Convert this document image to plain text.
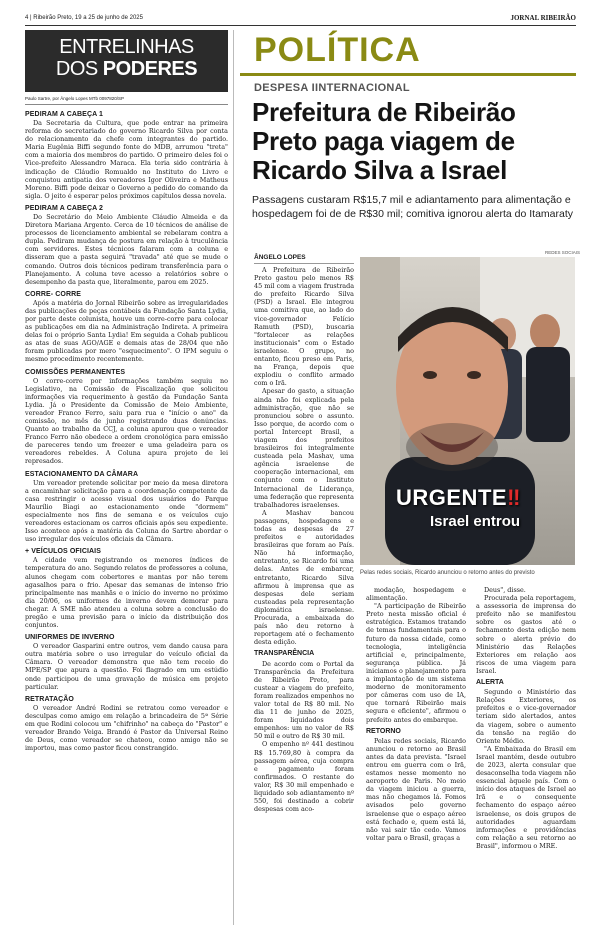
4 | Ribeirão Preto, 19 a 25 de junho de 2025	JORNAL RIBEIRÃO
ENTRELINHAS
DOS PODERES
Paulo Sartre, por Ângelo Lopes MTb 0097820/SP
PEDIRAM A CABEÇA 1

Da Secretaria da Cultura, que pode entrar na primeira reforma do secretariado do governo Ricardo Silva por conta do relacionamento da chefe com integrantes do partido. Maria Eugênia Biffi segundo fonte do MDB, arrumou "treta" com a maioria dos membros do partido. O primeiro deles foi o Vice-prefeito Alessandro Maraca. Ela teria sido contrária à indicação de Cláudio Romualdo no Instituto do Livro e conquistou antipatia dos vereadores Igor Oliveira e Matheus Moreno. Biffi pode deixar o Governo a pedido do comando da sigla. O jeito é esperar pelos próximos capítulos dessa novela.

PEDIRAM A CABEÇA 2

Do Secretário do Meio Ambiente Cláudio Almeida e da Diretora Mariana Argento. Cerca de 10 técnicos de análise de processos de licenciamento ambiental se rebelaram contra a dupla. Pediram mudança de postura em relação à truculência com servidores. Estes técnicos falaram com a coluna e disseram que a pasta seguirá "travada" até que se mude o comando. Outros dois técnicos pediram transferência para o Planejamento. A coluna teve acesso a relatórios sobre o desempenho da pasta que, literalmente, parou em 2025.

CORRE- CORRE

Após a matéria do Jornal Ribeirão sobre as irregularidades das publicações de peças contábeis da Fundação Santa Lydia, por parte deste colunista, houve um corre-corre para colocar as publicações em dia na Administração Indireta. A primeira delas foi o próprio Santa Lydia! Em seguida a Cohab publicou as atas de suas AGO/AGE e demais atas de 28/04 que não foram publicadas por mero "esquecimento". O IPM seguiu o mesmo procedimento recentemente.

COMISSÕES PERMANENTES

O corre-corre por informações também seguiu no Legislativo, na Comissão de Fiscalização que solicitou informações via requerimento à gestão da Fundação Santa Lydia. Já o Presidente da Comissão de Meio Ambiente, vereador Franco Ferro, saiu para rua e "início o ano" da comissão, no mês de junho registrando duas denúncias. Quanto ao trabalho da CCJ, a coluna apurou que o vereador Franco Ferro não obedece a ordem cronológica para emissão de pareceres tendo um freezer e uma geladeira para os vereadores rebeldes. A Coluna apura projeto de lei represados.

ESTACIONAMENTO DA CÂMARA

Um vereador pretende solicitar por meio da mesa diretora a encaminhar solicitação para a coordenação competente da casa restringir o acesso visual dos usuários do Parque Maurílio Biagi ao estacionamento onde "dormem" especialmente nos fins de semana e os veículos cujo vereadores estacionam os carros oficiais após seu expediente. Isso acontece após a matéria da Coluna do Sartre abordar o uso irregular dos veículos oficiais da Câmara.

+ VEÍCULOS OFICIAIS

A cidade vem registrando os menores índices de temperatura do ano. Segundo relatos de professores a coluna, alunos chegam com cobertores e mantas por não terem agasalhos para o frio. Apesar das semanas de intenso frio principalmente nas manhãs e o início do inverno no próximo dia 20/06, os uniformes de inverno devem demorar para chegar. A SME não atendeu a coluna sobre a conclusão do pregão e uma previsão para o início da distribuição dos conjuntos.

UNIFORMES DE INVERNO

O vereador Gasparini entre outros, vem dando causa para outra matéria sobre o uso irregular do veículo oficial da Câmara. O vereador demonstra que não tem receio do MPE/SP que apura a questão. Foi flagrado em um estúdio onde participou de uma gravação de música em projeto particular.

RETRATAÇÃO

O vereador André Rodini se retratou como vereador e desculpas como amigo em relação a brincadeira de 5ª Série em que Rodini colocou um "chifrinho" na cabeça do "Pastor" e vereador Brando Veiga. Brandó é Pastor da Universal Reino de Deus, como vereador se chateou, como amigo não se importou, mas como pastor ficou constrangido.

POLÍTICA
DESPESA IINTERNACIONAL
Prefeitura de Ribeirão Preto paga viagem de Ricardo Silva a Israel
Passagens custaram R$15,7 mil e adiantamento para alimentação e hospedagem foi de de R$30 mil; comitiva ignorou alerta do Itamaraty
ÂNGELO LOPES
REDES SOCIAIS
URGENTE‼
Israel entrou
Pelas redes sociais, Ricardo anunciou o retorno antes do previsto

A Prefeitura de Ribeirão Preto gastou pelo menos R$ 45 mil com a viagem frustrada do prefeito Ricardo Silva (PSD) a Israel. Ele integrou uma comitiva que, ao lado do vice-governador Felício Ramuth (PSD), buscaria "fortalecer as relações institucionais" com o Estado israelense. O grupo, no entanto, ficou preso em Paris, na França, depois que explodiu o conflito armado com o Irã.

Apesar do gasto, a situação ainda não foi explicada pela administração, que não se pronunciou sobre o assunto. Isso porque, de acordo com o portal Intercept Brasil, a viagem dos prefeitos brasileiros foi integralmente custeada pela Mashav, uma agência israelense de cooperação internacional, em conjunto com o Instituto Internacional de Liderança, uma federação que representa trabalhadores israelenses.

A Mashav bancou passagens, hospedagens e todas as despesas de 27 prefeitos e autoridades brasileiras que foram ao País. Não há informação, entretanto, se Ricardo foi uma delas. Antes de embarcar, entretanto, Ricardo Silva afirmou à imprensa que as despesas dele seriam custeadas pela representação diplomática israelense. Procurada, a embaixada do país não deu retorno à reportagem até o fechamento desta edição.

TRANSPARÊNCIA

De acordo com o Portal da Transparência da Prefeitura de Ribeirão Preto, para custear a viagem do prefeito, foram realizados empenhos no valor total de R$ 80 mil. No dia 11 de junho de 2025, foram liquidados dois empenhos: um no valor de R$ 50 mil e outro de R$ 30 mil.

O empenho nº 441 destinou R$ 15.769,80 à compra da passagem aérea, cuja compra e pagamento foram confirmados. O restante do valor, R$ 30 mil empenhado e liquidado sob adiantamento nº 550, foi destinado a cobrir despesas com aco-

modação, hospedagem e alimentação.

"A participação de Ribeirão Preto nesta missão oficial é estratégica. Estamos tratando de temas fundamentais para o futuro da nossa cidade, como tecnologia, inteligência artificial e, principalmente, segurança pública. Já iniciamos o planejamento para a implantação de um sistema moderno de monitoramento por câmeras com uso de IA, que tornará Ribeirão mais segura e eficiente", afirmou o prefeito antes do embarque.

RETORNO

Pelas redes sociais, Ricardo anunciou o retorno ao Brasil antes da data prevista. "Israel entrou em guerra com o Irã, estamos nesse momento no aeroporto de Paris. No meio da viagem iniciou a guerra, mas não chegamos lá. Fomos avisados pelo governo israelense que o espaço aéreo está fechado e, quem está lá, não vai sair tão cedo. Vamos voltar para o Brasil, graças a

Deus", disse.

Procurada pela reportagem, a assessoria de imprensa do prefeito não se manifestou sobre os gastos até o fechamento desta edição nem sobre o alerta prévio do Ministério das Relações Exteriores em relação aos riscos de uma viagem para Israel.

ALERTA

Segundo o Ministério das Relações Exteriores, os prefeitos e o vice-governador teriam sido alertados, antes da viagem, sobre o aumento da tensão na região do Oriente Médio.

"A Embaixada do Brasil em Israel mantém, desde outubro de 2023, alerta consular que desaconselha toda viagem não essencial àquele país. Com o início dos ataques de Israel ao Irã e o consequente fechamento do espaço aéreo israelense, os dois grupos de autoridades aguardam informações e providências com relação a seu retorno ao Brasil", informou o MRE.
